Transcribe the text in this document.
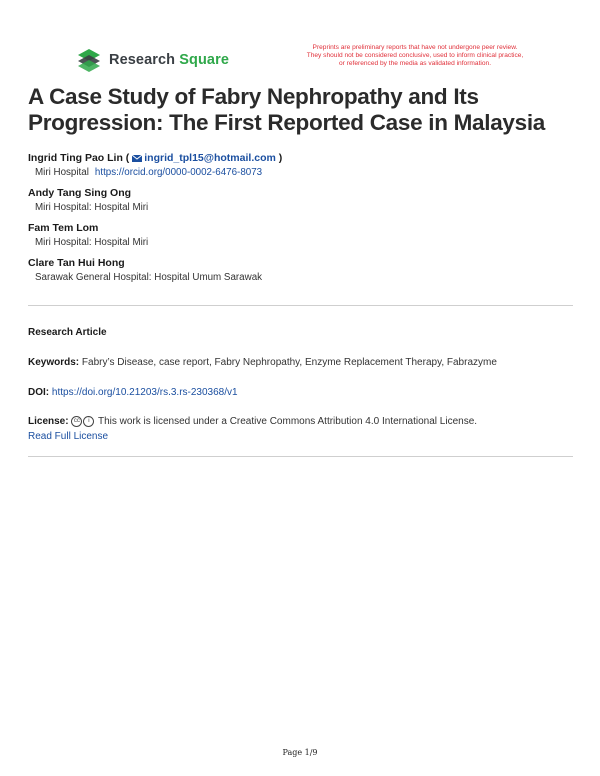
Research Square
Preprints are preliminary reports that have not undergone peer review.
They should not be considered conclusive, used to inform clinical practice,
or referenced by the media as validated information.
A Case Study of Fabry Nephropathy and Its Progression: The First Reported Case in Malaysia
Ingrid Ting Pao Lin ( ingrid_tpl15@hotmail.com )
Miri Hospital https://orcid.org/0000-0002-6476-8073
Andy Tang Sing Ong
Miri Hospital: Hospital Miri
Fam Tem Lom
Miri Hospital: Hospital Miri
Clare Tan Hui Hong
Sarawak General Hospital: Hospital Umum Sarawak
Research Article
Keywords: Fabry’s Disease, case report, Fabry Nephropathy, Enzyme Replacement Therapy, Fabrazyme
DOI: https://doi.org/10.21203/rs.3.rs-230368/v1
License: cc i This work is licensed under a Creative Commons Attribution 4.0 International License.
Read Full License
Page 1/9
